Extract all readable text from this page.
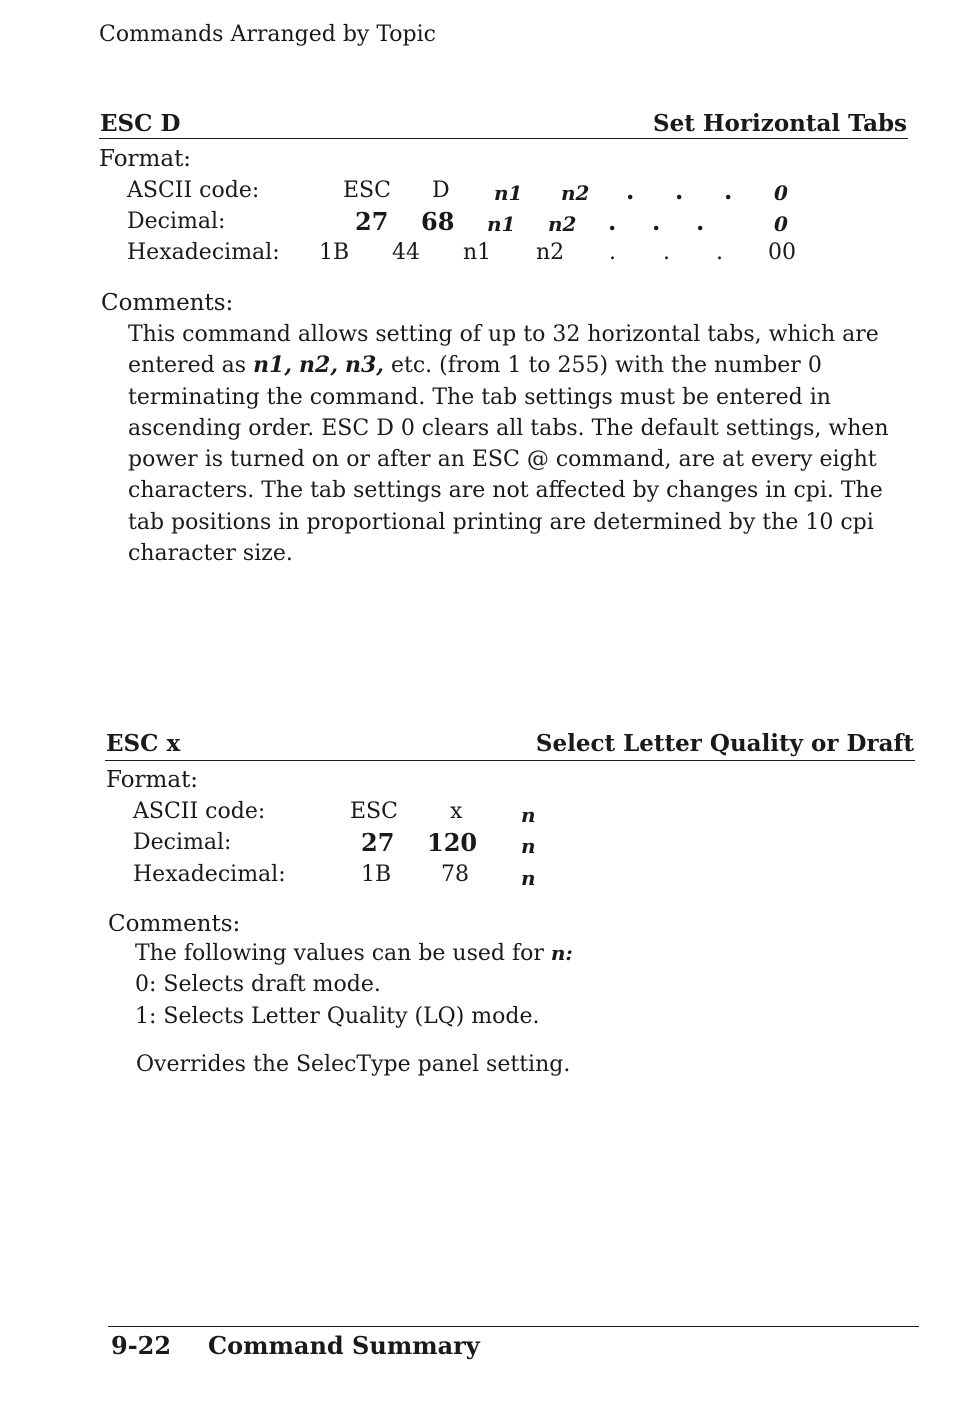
Commands Arranged by Topic
ESC D	Set Horizontal Tabs
Format:
ASCII code:	ESC D n1 n2 . . . 0
Decimal:	27 68 n1 n2 . . .	0
Hexadecimal: 1B 44 n1 n2 . . . 00
Comments:
This command allows setting of up to 32 horizontal tabs, which are
entered as n1, n2, n3, etc. (from 1 to 255) with the number 0
terminating the command. The tab settings must be entered in
ascending order. ESC D 0 clears all tabs. The default settings, when
power is turned on or after an ESC @ command, are at every eight
characters. The tab settings are not affected by changes in cpi. The
tab positions in proportional printing are determined by the 10 cpi
character size.
ESC x	Select Letter Quality or Draft
Format:
ASCII code:	ESC x	n
Decimal:	27 120 n
Hexadecimal:	1B 78	n
Comments:
The following values can be used for n:
0: Selects draft mode.
1: Selects Letter Quality (LQ) mode.
Overrides the SelecType panel setting.
9-22 Command Summary
